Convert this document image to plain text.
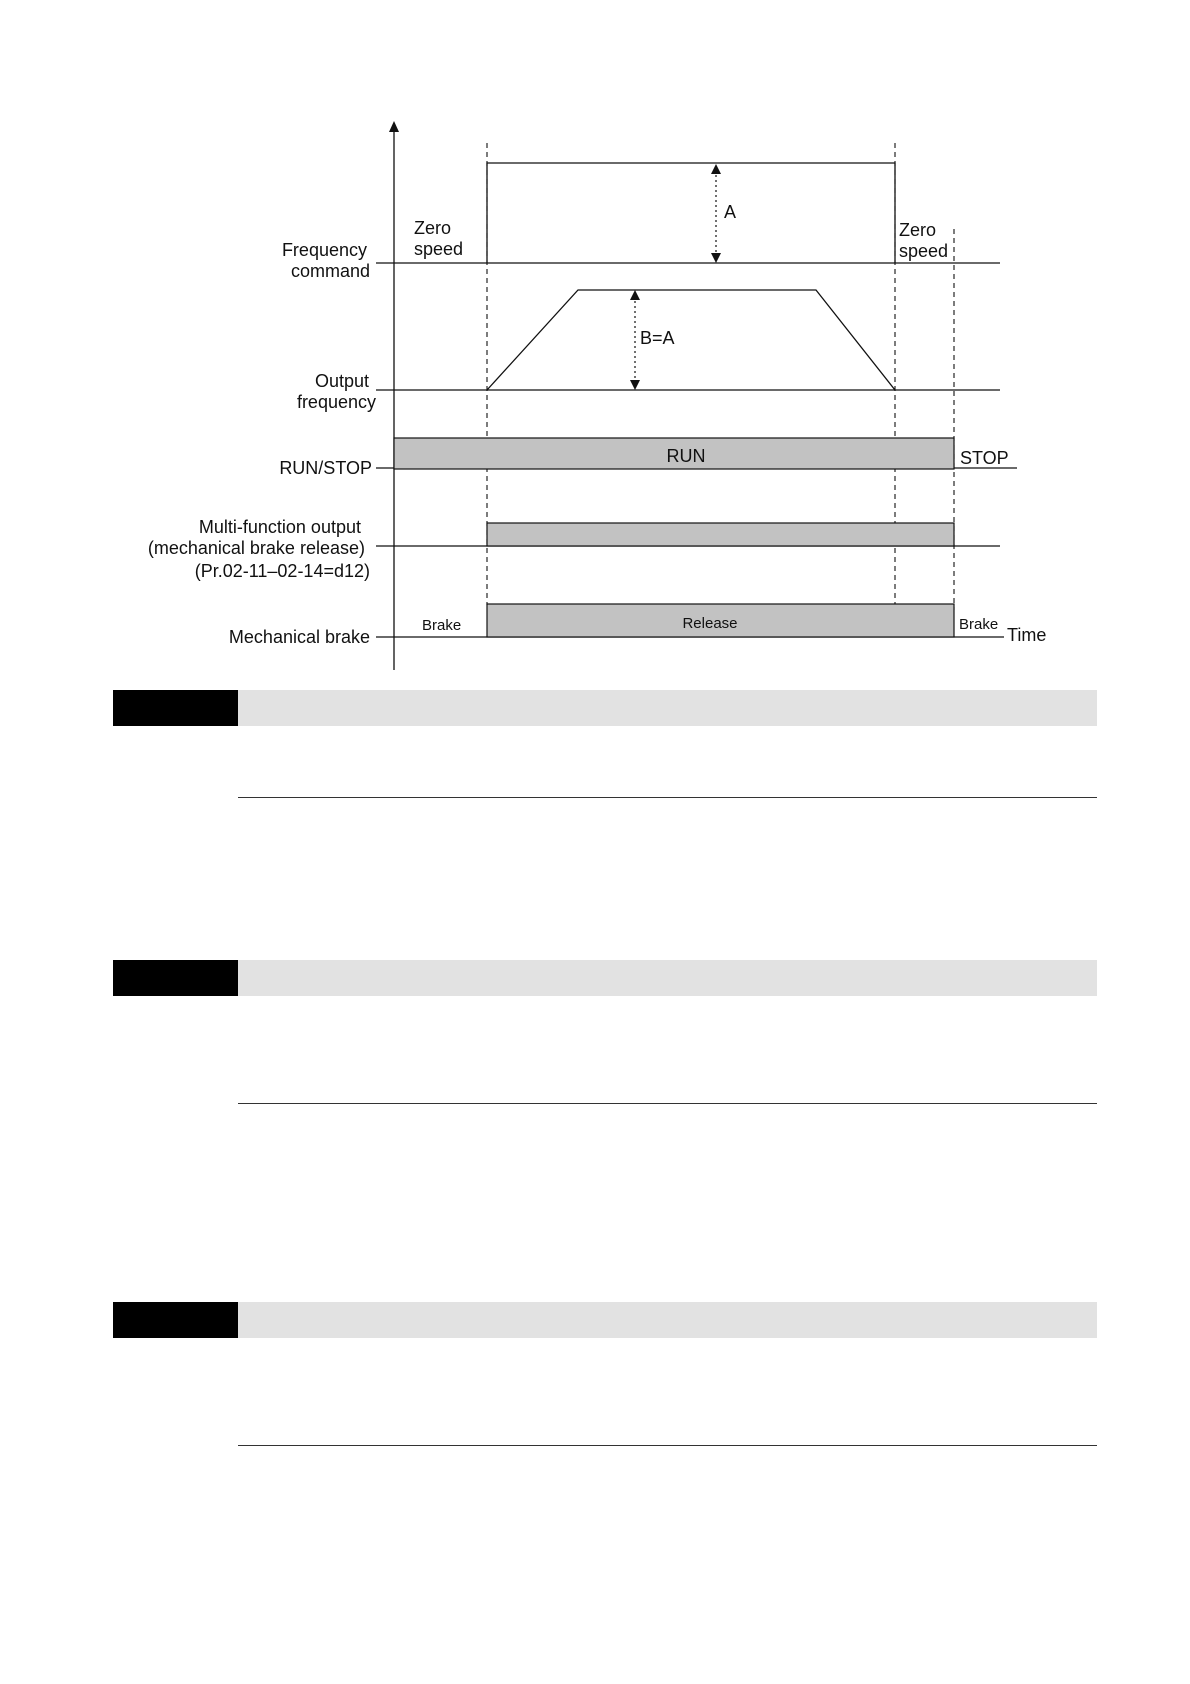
A
Zero speed
Zero speed
Frequency command
B=A
Output frequency
RUN	STOP
RUN/STOP
Multi-function output (mechanical brake release) (Pr.02-11–02-14=d12)
Release
Brake	Brake
Time
Mechanical brake
